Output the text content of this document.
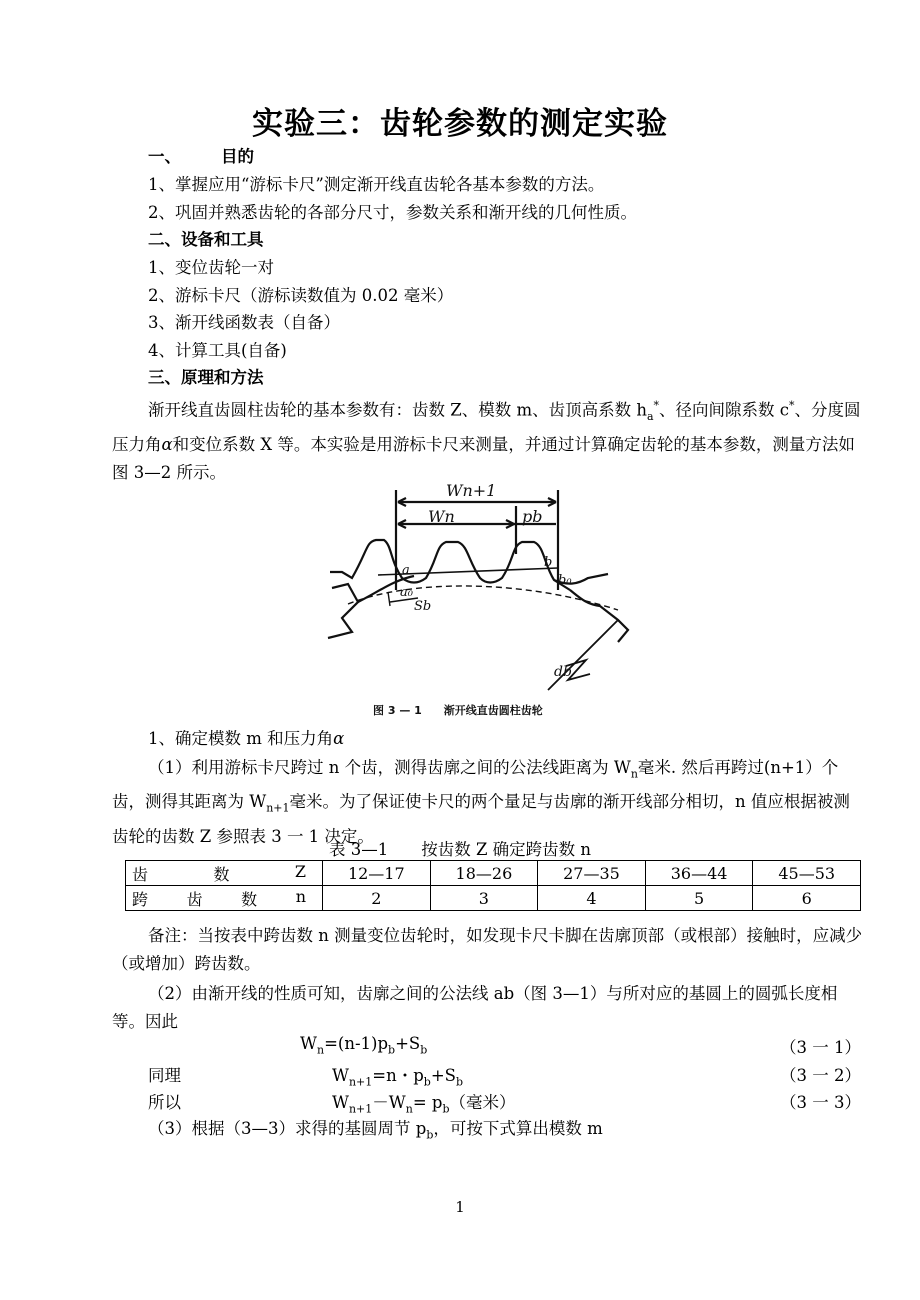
实验三：齿轮参数的测定实验
一、 目的
1、掌握应用“游标卡尺”测定渐开线直齿轮各基本参数的方法。
2、巩固并熟悉齿轮的各部分尺寸，参数关系和渐开线的几何性质。
二、设备和工具
1、变位齿轮一对
2、游标卡尺（游标读数值为 0.02 毫米）
3、渐开线函数表（自备）
4、计算工具(自备)
三、原理和方法
渐开线直齿圆柱齿轮的基本参数有：齿数 Z、模数 m、齿顶高系数 $h_a^*$、径向间隙系数 c*、分度圆压力角α和变位系数 X 等。本实验是用游标卡尺来测量，并通过计算确定齿轮的基本参数，测量方法如图 3—2 所示。
Wn+1
Wn	pb
a
b
a₀
b₀
Sb
db
图 3 — 1　　渐开线直齿圆柱齿轮
1、确定模数 m 和压力角α
（1）利用游标卡尺跨过 n 个齿，测得齿廓之间的公法线距离为 $W_n$毫米. 然后再跨过(n+1）个齿，测得其距离为 $W_{n+1}$毫米。为了保证使卡尺的两个量足与齿廓的渐开线部分相切，n 值应根据被测齿轮的齿数 Z 参照表 3 一 1 决定。
表 3—1　　按齿数 Z 确定跨齿数 n
齿 数 Z	12—17	18—26	27—35	36—44	45—53

跨 齿 数 n	2	3	4	5	6
备注：当按表中跨齿数 n 测量变位齿轮时，如发现卡尺卡脚在齿廓顶部（或根部）接触时，应减少（或增加）跨齿数。
（2）由渐开线的性质可知，齿廓之间的公法线 ab（图 3—1）与所对应的基圆上的圆弧长度相等。因此
$W_n=(n-1)p_b+S_b$	（3 一 1）
同理	$W_{n+1}=n$・$p_b+S_b$	（3 一 2）
所以	$W_{n+1}-W_n= p_b$（毫米）	（3 一 3）
（3）根据（3—3）求得的基圆周节 $p_b$，可按下式算出模数 m
1
